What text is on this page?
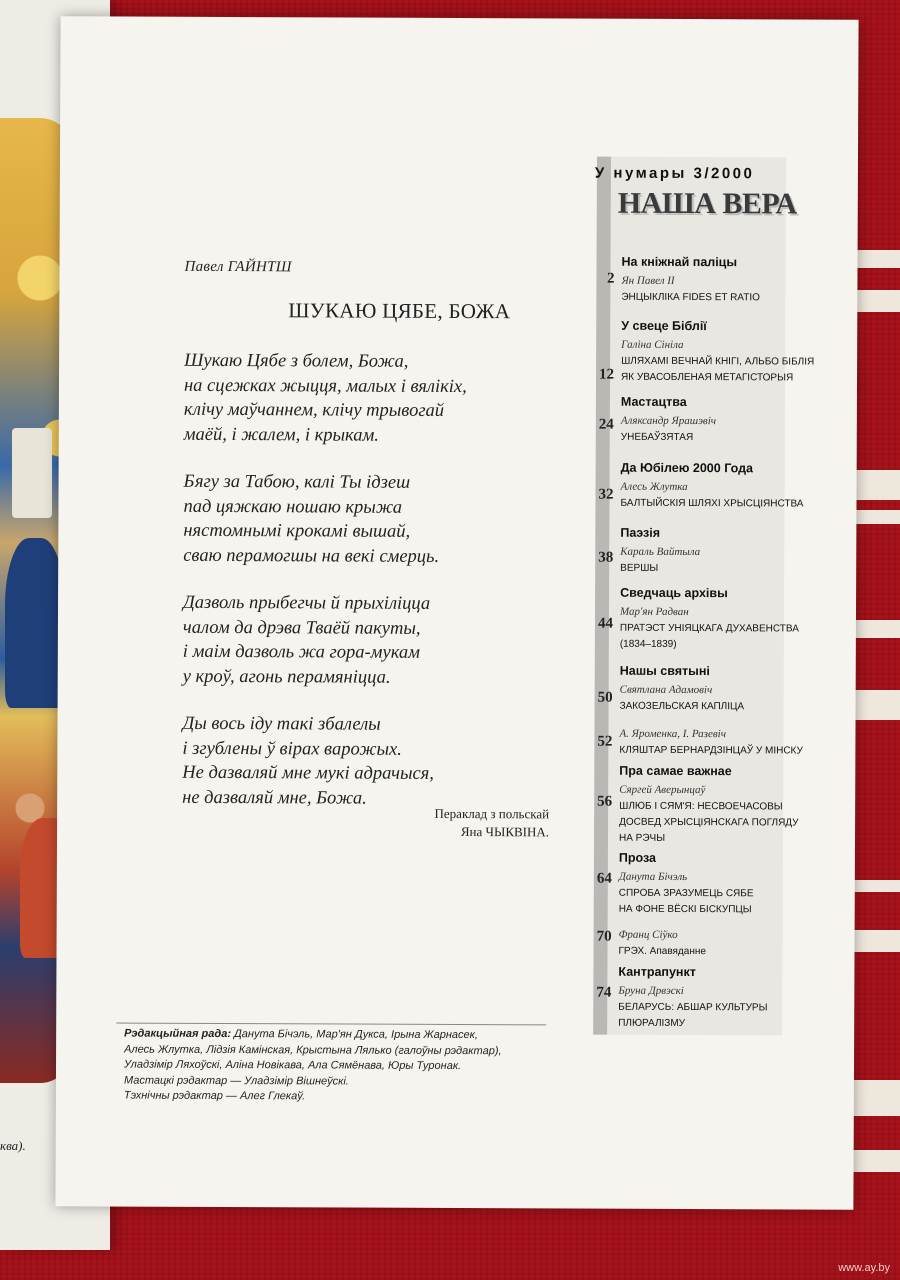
ква).

Павел ГАЙНТШ
ШУКАЮ ЦЯБЕ, БОЖА
Шукаю Цябе з болем, Божа,
на сцежках жыцця, малых і вялікіх,
клічу маўчаннем, клічу трывогай
маёй, і жалем, і крыкам.
Бягу за Табою, калі Ты ідзеш
пад цяжкаю ношаю крыжа
нястомнымі крокамі вышай,
сваю перамогшы на векі смерць.
Дазволь прыбегчы й прыхіліцца
чалом да дрэва Тваёй пакуты,
і маім дазволь жа гора-мукам
у кроў, агонь перамяніцца.
Ды вось іду такі збалелы
і згублены ў вірах варожых.
Не дазваляй мне мукі адрачыся,
не дазваляй мне, Божа.
Пераклад з польскай
Яна ЧЫКВІНА.
У нумары 3/2000
НАША ВЕРА
На кніжнай паліцы
Ян Павел II
ЭНЦЫКЛІКА FIDES ET RATIO
2
У свеце Біблії
Галіна Сініла
ШЛЯХАМІ ВЕЧНАЙ КНІГІ, АЛЬБО БІБЛІЯ
ЯК УВАСОБЛЕНАЯ МЕТАГІСТОРЫЯ
12
Мастацтва
Аляксандр Ярашэвіч
УНЕБАЎЗЯТАЯ
24
Да Юбілею 2000 Года
Алесь Жлутка
БАЛТЫЙСКІЯ ШЛЯХІ ХРЫСЦІЯНСТВА
32
Паэзія
Караль Вайтыла
ВЕРШЫ
38
Сведчаць архівы
Мар'ян Радван
ПРАТЭСТ УНІЯЦКАГА ДУХАВЕНСТВА
(1834–1839)
44
Нашы святыні
Святлана Адамовіч
ЗАКОЗЕЛЬСКАЯ КАПЛІЦА
50
А. Яроменка, І. Разевіч
КЛЯШТАР БЕРНАРДЗІНЦАЎ У МІНСКУ
52
Пра самае важнае
Сяргей Аверынцаў
ШЛЮБ І СЯМ'Я: НЕСВОЕЧАСОВЫ
ДОСВЕД ХРЫСЦІЯНСКАГА ПОГЛЯДУ
НА РЭЧЫ
56
Проза
Данута Бічэль
СПРОБА ЗРАЗУМЕЦЬ СЯБЕ
НА ФОНЕ ВЁСКІ БІСКУПЦЫ
64
Франц Сіўко
ГРЭХ. Апавяданне
70
Кантрапункт
Бруна Дрвэскі
БЕЛАРУСЬ: АБШАР КУЛЬТУРЫ
ПЛЮРАЛІЗМУ
74
Рэдакцыйная рада: Данута Бічэль, Мар'ян Дукса, Ірына Жарнасек,
Алесь Жлутка, Лідзія Камінская, Крыстына Лялько (галоўны рэдактар),
Уладзімір Ляхоўскі, Аліна Новікава, Ала Сямёнава, Юры Туронак.
Мастацкі рэдактар — Уладзімір Вішнеўскі.
Тэхнічны рэдактар — Алег Глекаў.
www.ay.by
